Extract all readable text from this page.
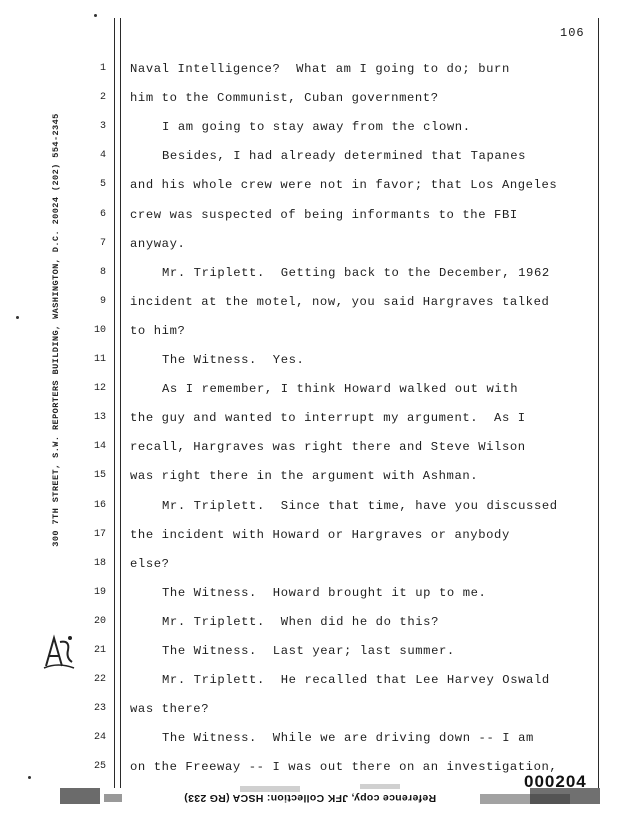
106
300 7TH STREET, S.W. REPORTERS BUILDING, WASHINGTON, D.C. 20024 (202) 554-2345
1 Naval Intelligence?  What am I going to do; burn
2 him to the Communist, Cuban government?
3	I am going to stay away from the clown.
4	Besides, I had already determined that Tapanes
5 and his whole crew were not in favor; that Los Angeles
6 crew was suspected of being informants to the FBI
7 anyway.
8	Mr. Triplett.  Getting back to the December, 1962
9 incident at the motel, now, you said Hargraves talked
10 to him?
11	The Witness.  Yes.
12	As I remember, I think Howard walked out with
13 the guy and wanted to interrupt my argument.  As I
14 recall, Hargraves was right there and Steve Wilson
15 was right there in the argument with Ashman.
16	Mr. Triplett.  Since that time, have you discussed
17 the incident with Howard or Hargraves or anybody
18 else?
19	The Witness.  Howard brought it up to me.
20	Mr. Triplett.  When did he do this?
21	The Witness.  Last year; last summer.
22	Mr. Triplett.  He recalled that Lee Harvey Oswald
23 was there?
24	The Witness.  While we are driving down -- I am
25 on the Freeway -- I was out there on an investigation,
Reference copy, JFK Collection: HSCA (RG 233)
000204
